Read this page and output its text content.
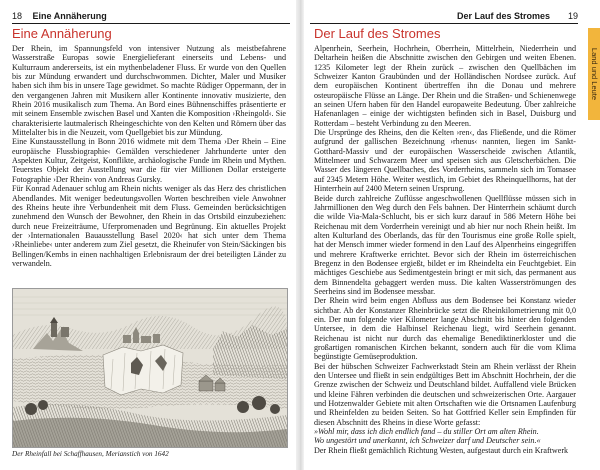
18 Eine Annäherung
Eine Annäherung

Der Rhein, im Spannungsfeld von intensiver Nutzung als meistbefahrene Wasserstraße Europas sowie Energielieferant einerseits und Lebens- und Kulturraum andererseits, ist ein mythenbeladener Fluss. Er wurde von den Quellen bis zur Mündung erwandert und durchschwommen. Dichter, Maler und Musiker haben sich ihm bis in unsere Tage gewidmet. So machte Rüdiger Oppermann, der in den vergangenen Jahren mit Musikern aller Kontinente innovativ musizierte, den Rhein 2016 musikalisch zum Thema. An Bord eines Bühnenschiffes präsentierte er mit seinem Ensemble zwischen Basel und Xanten die Komposition ›Rheingold‹. Sie charakterisierte lautmalerisch Rheingeschichte von den Kelten und Römern über das Mittelalter bis in die Neuzeit, vom Quellgebiet bis zur Mündung.

Eine Kunstausstellung in Bonn 2016 widmete mit dem Thema ›Der Rhein – Eine europäische Flussbiographie‹ Gemälden verschiedener Jahrhunderte unter den Aspekten Kultur, Zeitgeist, Konflikte, archäologische Funde im Rhein und Mythen. Teuerstes Objekt der Ausstellung war die für vier Millionen Dollar ersteigerte Fotographie ›Der Rhein‹ von Andreas Gursky.

Für Konrad Adenauer schlug am Rhein nichts weniger als das Herz des christlichen Abendlandes. Mit weniger bedeutungsvollen Worten beschreiben viele Anwohner des Rheins heute ihre Verbundenheit mit dem Fluss. Gemeinden berücksichtigen zunehmend den Wunsch der Bewohner, den Rhein in das Ortsbild einzubeziehen: durch neue Freizeiträume, Uferpromenaden und Begrünung. Ein aktuelles Projekt der ›Internationalen Bauausstellung Basel 2020‹ hat sich unter dem Thema ›Rheinliebe‹ unter anderem zum Ziel gesetzt, die Rheinufer von Stein/Säckingen bis Bellingen/Kembs in einen nachhaltigen Erlebnisraum der drei beteiligten Länder zu verwandeln.

Der Rheinfall bei Schaffhausen, Merianstich von 1642
Der Lauf des Stromes 19
Der Lauf des Stromes
Land und Leute

Alpenrhein, Seerhein, Hochrhein, Oberrhein, Mittelrhein, Niederrhein und Deltarhein heißen die Abschnitte zwischen den Gebirgen und weiten Ebenen. 1235 Kilometer legt der Rhein zurück – zwischen den Quellbächen im Schweizer Kanton Graubünden und der Holländischen Nordsee zurück. Auf dem europäischen Kontinent übertreffen ihn die Donau und mehrere osteuropäische Flüsse an Länge. Der Rhein und die Straßen- und Schienenwege an seinen Ufern haben für den Handel europaweite Bedeutung. Über zahlreiche Hafenanlagen – einige der wichtigsten befinden sich in Basel, Duisburg und Rotterdam – besteht Verbindung zu den Meeren.

Die Ursprünge des Rheins, den die Kelten ›ren‹, das Fließende, und die Römer aufgrund der gallischen Bezeichnung ›rhenus‹ nannten, liegen im Sankt-Gotthard-Massiv und der europäischen Wasserscheide zwischen Atlantik, Mittelmeer und Schwarzem Meer und speisen sich aus Gletscherbächen. Die Wasser des längeren Quellbaches, des Vorderrheins, sammeln sich im Tomasee auf 2345 Metern Höhe. Weiter westlich, im Gebiet des Rheinquellhorns, hat der Hinterrhein auf 2400 Metern seinen Ursprung.

Beide durch zahlreiche Zuflüsse angeschwollenen Quellflüsse müssen sich in Jahrmillionen den Weg durch den Fels bahnen. Der Hinterrhein schäumt durch die wilde Via-Mala-Schlucht, bis er sich kurz darauf in 586 Metern Höhe bei Reichenau mit dem Vorderrhein vereinigt und ab hier nur noch Rhein heißt. Im alten Kulturland des Oberlands, das für den Tourismus eine große Rolle spielt, hat der Mensch immer wieder formend in den Lauf des Alpenrheins eingegriffen und mehrere Kraftwerke errichtet. Bevor sich der Rhein im österreichischen Bregenz in den Bodensee ergießt, bildet er im Rheindelta ein Feuchtgebiet. Ein mächtiges Geschiebe aus Sedimentgestein bringt er mit sich, das permanent aus dem Binnendelta gebaggert werden muss. Die kalten Wasserströmungen des Seerheins sind im Bodensee messbar.

Der Rhein wird beim engen Abfluss aus dem Bodensee bei Konstanz wieder sichtbar. Ab der Konstanzer Rheinbrücke setzt die Rheinkilometrierung mit 0,0 ein. Der nun folgende vier Kilometer lange Abschnitt bis hinter den folgenden Untersee, in dem die Halbinsel Reichenau liegt, wird Seerhein genannt. Reichenau ist nicht nur durch das ehemalige Benediktinerkloster und die großartigen romanischen Kirchen bekannt, sondern auch für die vom Klima begünstigte Gemüseproduktion.

Bei der hübschen Schweizer Fachwerkstadt Stein am Rhein verlässt der Rhein den Untersee und fließt in sein endgültiges Bett im Abschnitt Hochrhein, der die Grenze zwischen der Schweiz und Deutschland bildet. Auffallend viele Brücken und kleine Fähren verbinden die deutschen und schweizerischen Orte. Aargauer und Hotzenwalder Gebiete mit alten Ortschaften wie die Ortsnamen Laufenburg und Rheinfelden zu beiden Seiten. So hat Gottfried Keller sein Empfinden für diesen Abschnitt des Rheins in diese Worte gefasst:

»Wohl mir, dass ich dich endlich fand – du stiller Ort am alten Rhein.

Wo ungestört und unerkannt, ich Schweizer darf und Deutscher sein.«

Der Rhein fließt gemächlich Richtung Westen, aufgestaut durch ein Kraftwerk
